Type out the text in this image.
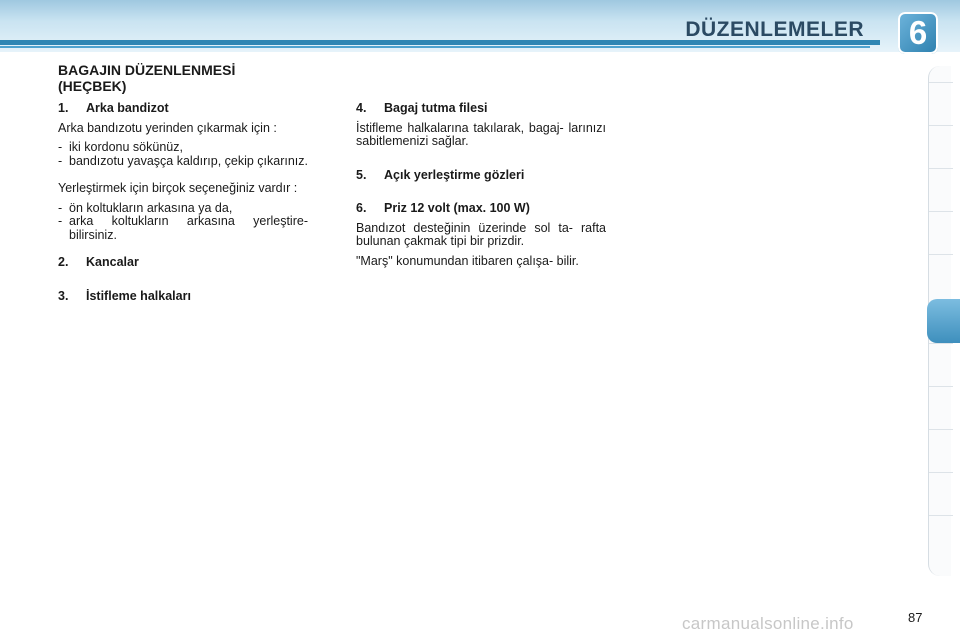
DÜZENLEMELER	6
BAGAJIN DÜZENLENMESİ
(HEÇBEK)
1. Arka bandizot
Arka bandızotu yerinden çıkarmak için :
- iki kordonu sökünüz,
- bandızotu yavaşça kaldırıp, çekip çıkarınız.
Yerleştirmek için birçok seçeneğiniz vardır :
- ön koltukların arkasına ya da,
- arka koltukların arkasına yerleştire- bilirsiniz.
2. Kancalar
3. İstifleme halkaları
4. Bagaj tutma filesi
İstifleme halkalarına takılarak, bagaj- larınızı sabitlemenizi sağlar.
5. Açık yerleştirme gözleri
6. Priz 12 volt (max. 100 W)
Bandızot desteğinin üzerinde sol ta- rafta bulunan çakmak tipi bir prizdir.
"Marş" konumundan itibaren çalışa- bilir.
carmanualsonline.info	87
